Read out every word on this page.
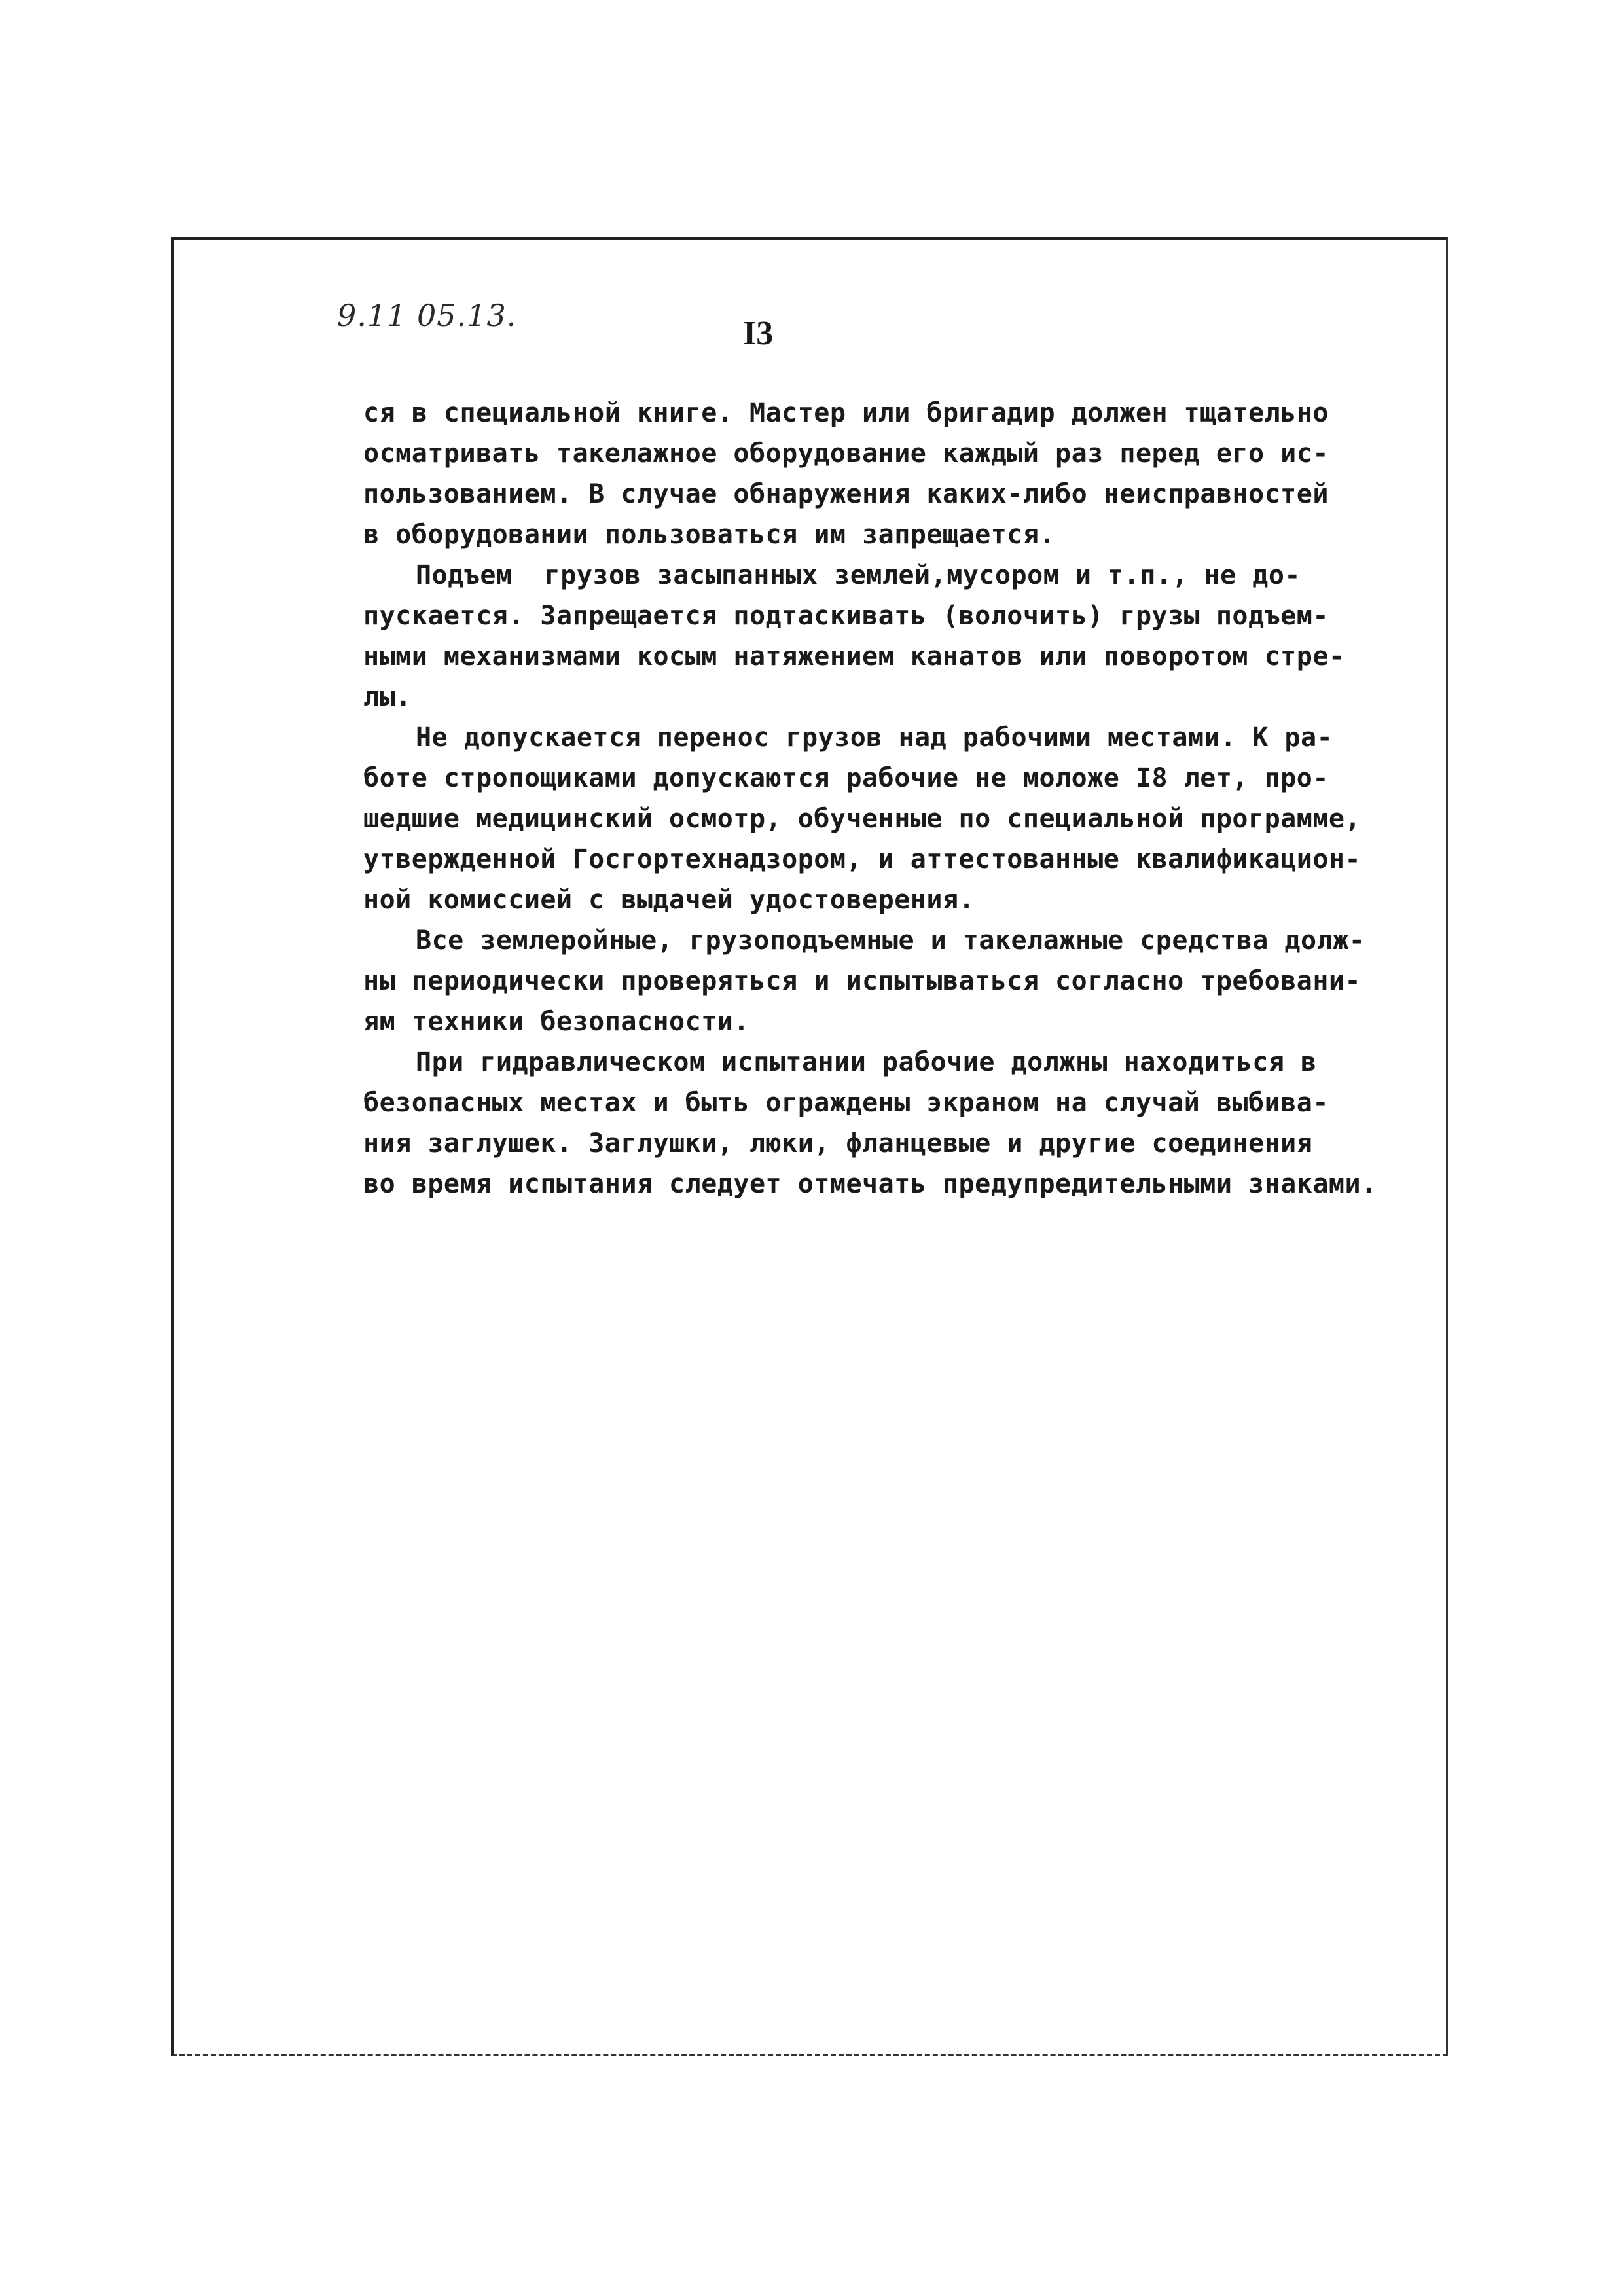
9.11 05.13.	I3
ся в специальной книге. Мастер или бригадир должен тщательно
осматривать такелажное оборудование каждый раз перед его ис-
пользованием. В случае обнаружения каких-либо неисправностей
в оборудовании пользоваться им запрещается.
Подъем  грузов засыпанных землей,мусором и т.п., не до-
пускается. Запрещается подтаскивать (волочить) грузы подъем-
ными механизмами косым натяжением канатов или поворотом стре-
лы.
Не допускается перенос грузов над рабочими местами. К ра-
боте стропощиками допускаются рабочие не моложе I8 лет, про-
шедшие медицинский осмотр, обученные по специальной программе,
утвержденной Госгортехнадзором, и аттестованные квалификацион-
ной комиссией с выдачей удостоверения.
Все землеройные, грузоподъемные и такелажные средства долж-
ны периодически проверяться и испытываться согласно требовани-
ям техники безопасности.
При гидравлическом испытании рабочие должны находиться в
безопасных местах и быть ограждены экраном на случай выбива-
ния заглушек. Заглушки, люки, фланцевые и другие соединения
во время испытания следует отмечать предупредительными знаками.
